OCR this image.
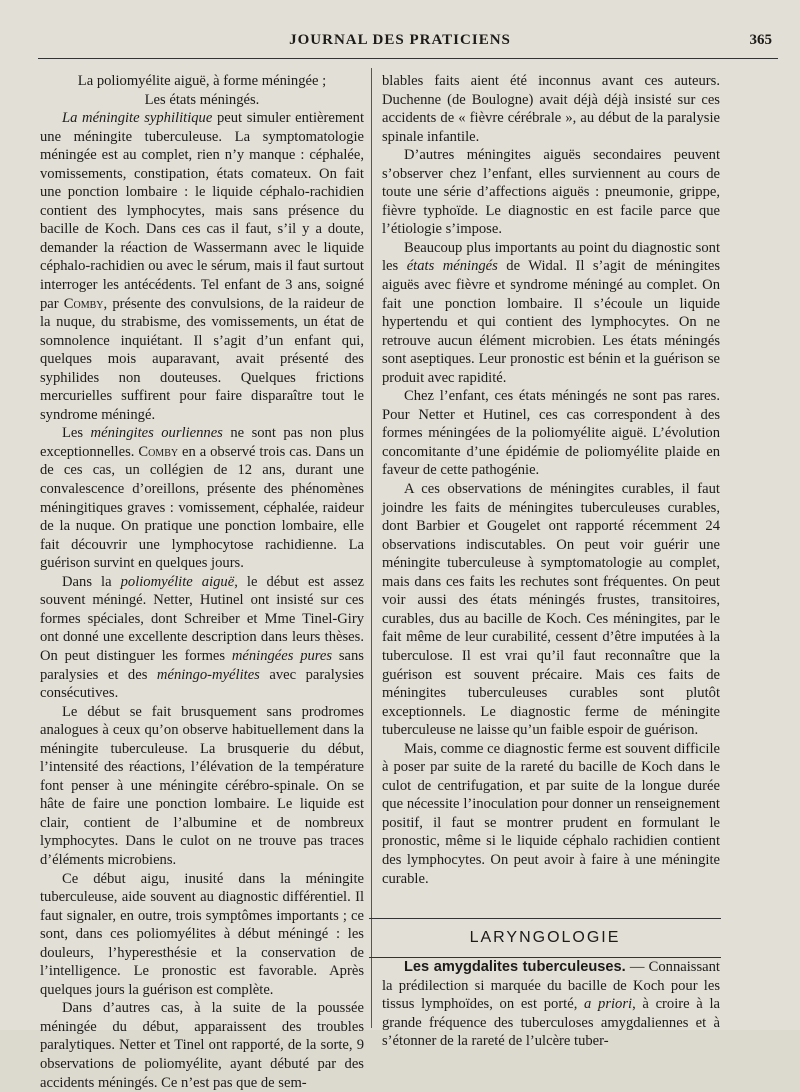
JOURNAL DES PRATICIENS	365

La poliomyélite aiguë, à forme méningée ;

Les états méningés.

La méningite syphilitique peut simuler entièrement une méningite tuberculeuse. La symptomatologie méningée est au complet, rien n’y manque : céphalée, vomissements, constipation, états comateux. On fait une ponction lombaire : le liquide céphalo-rachidien contient des lymphocytes, mais sans présence du bacille de Koch. Dans ces cas il faut, s’il y a doute, demander la réaction de Wassermann avec le liquide céphalo-rachidien ou avec le sérum, mais il faut surtout interroger les antécédents. Tel enfant de 3 ans, soigné par Comby, présente des convulsions, de la raideur de la nuque, du strabisme, des vomissements, un état de somnolence inquiétant. Il s’agit d’un enfant qui, quelques mois auparavant, avait présenté des syphilides non douteuses. Quelques frictions mercurielles suffirent pour faire disparaître tout le syndrome méningé.

Les méningites ourliennes ne sont pas non plus exceptionnelles. Comby en a observé trois cas. Dans un de ces cas, un collégien de 12 ans, durant une convalescence d’oreillons, présente des phénomènes méningitiques graves : vomissement, céphalée, raideur de la nuque. On pratique une ponction lombaire, elle fait découvrir une lymphocytose rachidienne. La guérison survint en quelques jours.

Dans la poliomyélite aiguë, le début est assez souvent méningé. Netter, Hutinel ont insisté sur ces formes spéciales, dont Schreiber et Mme Tinel-Giry ont donné une excellente description dans leurs thèses. On peut distinguer les formes méningées pures sans paralysies et des méningo-myélites avec paralysies consécutives.

Le début se fait brusquement sans prodromes analogues à ceux qu’on observe habituellement dans la méningite tuberculeuse. La brusquerie du début, l’intensité des réactions, l’élévation de la température font penser à une méningite cérébro-spinale. On se hâte de faire une ponction lombaire. Le liquide est clair, contient de l’albumine et de nombreux lymphocytes. Dans le culot on ne trouve pas traces d’éléments microbiens.

Ce début aigu, inusité dans la méningite tuberculeuse, aide souvent au diagnostic différentiel. Il faut signaler, en outre, trois symptômes importants ; ce sont, dans ces poliomyélites à début méningé : les douleurs, l’hyperesthésie et la conservation de l’intelligence. Le pronostic est favorable. Après quelques jours la guérison est complète.

Dans d’autres cas, à la suite de la poussée méningée du début, apparaissent des troubles paralytiques. Netter et Tinel ont rapporté, de la sorte, 9 observations de poliomyélite, ayant débuté par des accidents méningés. Ce n’est pas que de sem-

blables faits aient été inconnus avant ces auteurs. Duchenne (de Boulogne) avait déjà déjà insisté sur ces accidents de « fièvre cérébrale », au début de la paralysie spinale infantile.

D’autres méningites aiguës secondaires peuvent s’observer chez l’enfant, elles surviennent au cours de toute une série d’affections aiguës : pneumonie, grippe, fièvre typhoïde. Le diagnostic en est facile parce que l’étiologie s’impose.

Beaucoup plus importants au point du diagnostic sont les états méningés de Widal. Il s’agit de méningites aiguës avec fièvre et syndrome méningé au complet. On fait une ponction lombaire. Il s’écoule un liquide hypertendu et qui contient des lymphocytes. On ne retrouve aucun élément microbien. Les états méningés sont aseptiques. Leur pronostic est bénin et la guérison se produit avec rapidité.

Chez l’enfant, ces états méningés ne sont pas rares. Pour Netter et Hutinel, ces cas correspondent à des formes méningées de la poliomyélite aiguë. L’évolution concomitante d’une épidémie de poliomyélite plaide en faveur de cette pathogénie.

A ces observations de méningites curables, il faut joindre les faits de méningites tuberculeuses curables, dont Barbier et Gougelet ont rapporté récemment 24 observations indiscutables. On peut voir guérir une méningite tuberculeuse à symptomatologie au complet, mais dans ces faits les rechutes sont fréquentes. On peut voir aussi des états méningés frustes, transitoires, curables, dus au bacille de Koch. Ces méningites, par le fait même de leur curabilité, cessent d’être imputées à la tuberculose. Il est vrai qu’il faut reconnaître que la guérison est souvent précaire. Mais ces faits de méningites tuberculeuses curables sont plutôt exceptionnels. Le diagnostic ferme de méningite tuberculeuse ne laisse qu’un faible espoir de guérison.

Mais, comme ce diagnostic ferme est souvent difficile à poser par suite de la rareté du bacille de Koch dans le culot de centrifugation, et par suite de la longue durée que nécessite l’inoculation pour donner un renseignement positif, il faut se montrer prudent en formulant le pronostic, même si le liquide céphalo rachidien contient des lymphocytes. On peut avoir à faire à une méningite curable.

LARYNGOLOGIE

Les amygdalites tuberculeuses. — Connaissant la prédilection si marquée du bacille de Koch pour les tissus lymphoïdes, on est porté, a priori, à croire à la grande fréquence des tuberculoses amygdaliennes et à s’étonner de la rareté de l’ulcère tuber-
